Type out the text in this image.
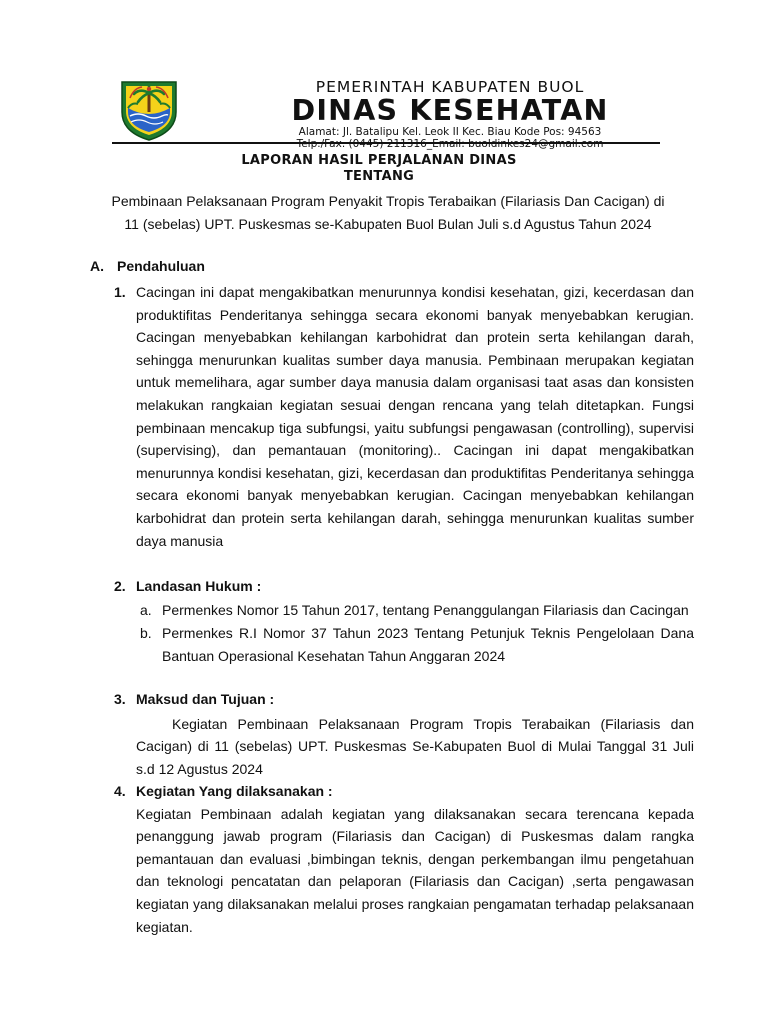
PEMERINTAH KABUPATEN BUOL
DINAS KESEHATAN
Alamat: Jl. Batalipu Kel. Leok II Kec. Biau Kode Pos: 94563
Telp./Fax. (0445) 211316_Email: buoldinkes24@gmail.com
LAPORAN HASIL PERJALANAN DINAS
TENTANG
Pembinaan Pelaksanaan Program Penyakit Tropis Terabaikan (Filariasis Dan Cacigan) di
11 (sebelas) UPT. Puskesmas se-Kabupaten Buol Bulan Juli s.d Agustus Tahun 2024
A. Pendahuluan
1. Cacingan ini dapat mengakibatkan menurunnya kondisi kesehatan, gizi, kecerdasan dan produktifitas Penderitanya sehingga secara ekonomi banyak menyebabkan kerugian. Cacingan menyebabkan kehilangan karbohidrat dan protein serta kehilangan darah, sehingga menurunkan kualitas sumber daya manusia. Pembinaan merupakan kegiatan untuk memelihara, agar sumber daya manusia dalam organisasi taat asas dan konsisten melakukan rangkaian kegiatan sesuai dengan rencana yang telah ditetapkan. Fungsi pembinaan mencakup tiga subfungsi, yaitu subfungsi pengawasan (controlling), supervisi (supervising), dan pemantauan (monitoring).. Cacingan ini dapat mengakibatkan menurunnya kondisi kesehatan, gizi, kecerdasan dan produktifitas Penderitanya sehingga secara ekonomi banyak menyebabkan kerugian. Cacingan menyebabkan kehilangan karbohidrat dan protein serta kehilangan darah, sehingga menurunkan kualitas sumber daya manusia
2. Landasan Hukum :
a. Permenkes Nomor 15 Tahun 2017, tentang Penanggulangan Filariasis dan Cacingan
b. Permenkes R.I Nomor 37 Tahun 2023 Tentang Petunjuk Teknis Pengelolaan Dana Bantuan Operasional Kesehatan Tahun Anggaran 2024
3. Maksud dan Tujuan :
Kegiatan Pembinaan Pelaksanaan Program Tropis Terabaikan (Filariasis dan Cacigan) di 11 (sebelas) UPT. Puskesmas Se-Kabupaten Buol di Mulai Tanggal 31 Juli s.d 12 Agustus 2024
4. Kegiatan Yang dilaksanakan :
Kegiatan Pembinaan adalah kegiatan yang dilaksanakan secara terencana kepada penanggung jawab program (Filariasis dan Cacigan) di Puskesmas dalam rangka pemantauan dan evaluasi ,bimbingan teknis, dengan perkembangan ilmu pengetahuan dan teknologi pencatatan dan pelaporan (Filariasis dan Cacigan) ,serta pengawasan kegiatan yang dilaksanakan melalui proses rangkaian pengamatan terhadap pelaksanaan kegiatan.
